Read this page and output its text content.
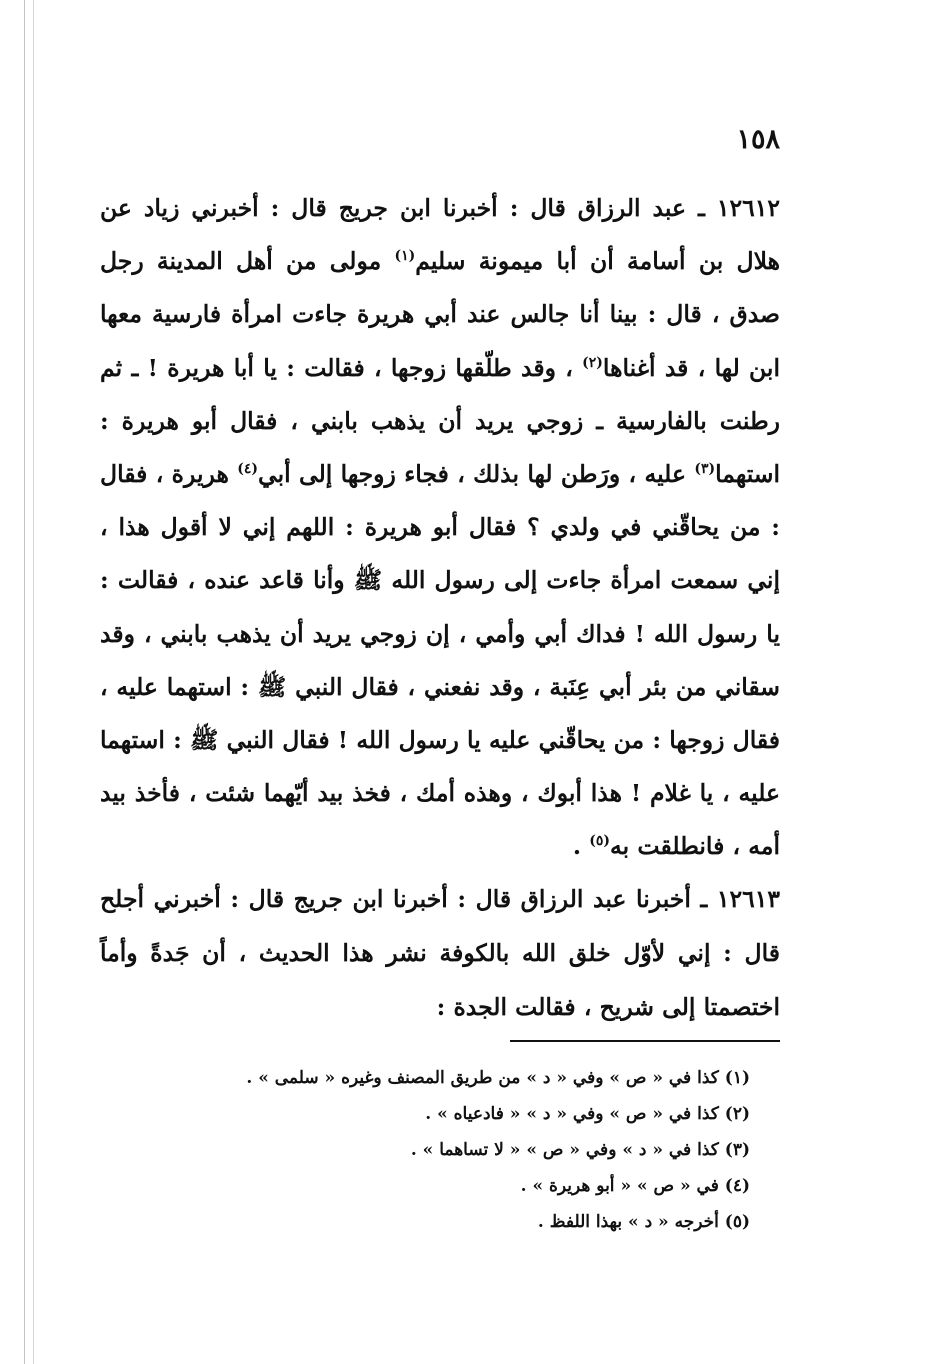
١٥٨
١٢٦١٢ ـ عبد الرزاق قال : أخبرنا ابن جريج قال : أخبرني زياد عن هلال بن أسامة أن أبا ميمونة سليم$^{(١)}$ مولى من أهل المدينة رجل صدق ، قال : بينا أنا جالس عند أبي هريرة جاءت امرأة فارسية معها ابن لها ، قد أغناها$^{(٢)}$ ، وقد طلّقها زوجها ، فقالت : يا أبا هريرة ! ـ ثم رطنت بالفارسية ـ زوجي يريد أن يذهب بابني ، فقال أبو هريرة : استهما$^{(٣)}$ عليه ، ورَطن لها بذلك ، فجاء زوجها إلى أبي$^{(٤)}$ هريرة ، فقال : من يحاقّني في ولدي ؟ فقال أبو هريرة : اللهم إني لا أقول هذا ، إني سمعت امرأة جاءت إلى رسول الله ﷺ وأنا قاعد عنده ، فقالت : يا رسول الله ! فداك أبي وأمي ، إن زوجي يريد أن يذهب بابني ، وقد سقاني من بئر أبي عِنَبة ، وقد نفعني ، فقال النبي ﷺ : استهما عليه ، فقال زوجها : من يحاقّني عليه يا رسول الله ! فقال النبي ﷺ : استهما عليه ، يا غلام ! هذا أبوك ، وهذه أمك ، فخذ بيد أيّهما شئت ، فأخذ بيد أمه ، فانطلقت به$^{(٥)}$ .
١٢٦١٣ ـ أخبرنا عبد الرزاق قال : أخبرنا ابن جريج قال : أخبرني أجلح قال : إني لأوّل خلق الله بالكوفة نشر هذا الحديث ، أن جَدةً وأماً اختصمتا إلى شريح ، فقالت الجدة :
(١) كذا في « ص » وفي « د » من طريق المصنف وغيره « سلمى » .
(٢) كذا في « ص » وفي « د » « فادعياه » .
(٣) كذا في « د » وفي « ص » « لا تساهما » .
(٤) في « ص » « أبو هريرة » .
(٥) أخرجه « د » بهذا اللفظ .
